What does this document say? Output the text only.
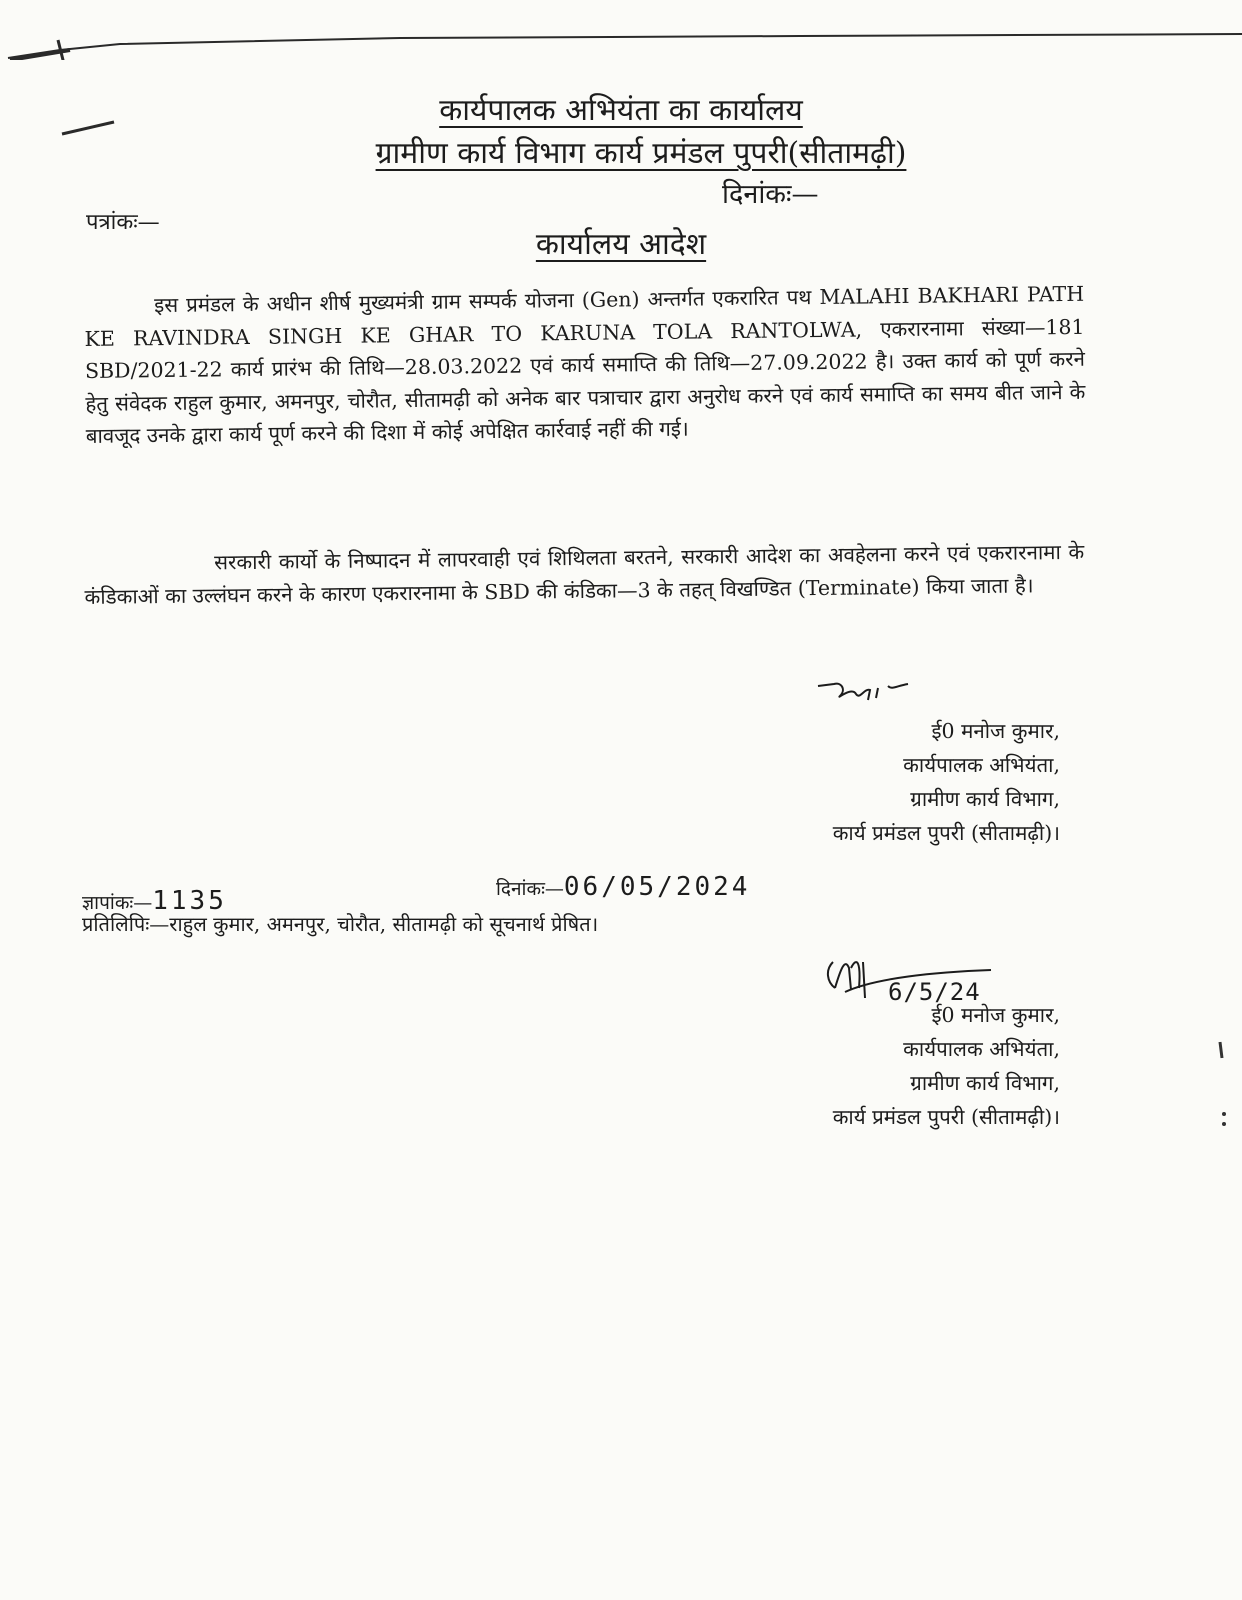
कार्यपालक अभियंता का कार्यालय
ग्रामीण कार्य विभाग कार्य प्रमंडल पुपरी(सीतामढ़ी)
दिनांकः—
पत्रांकः—
कार्यालय आदेश
इस प्रमंडल के अधीन शीर्ष मुख्यमंत्री ग्राम सम्पर्क योजना (Gen) अन्तर्गत एकरारित पथ MALAHI BAKHARI PATH KE RAVINDRA SINGH KE GHAR TO KARUNA TOLA RANTOLWA, एकरारनामा संख्या—181 SBD/2021-22 कार्य प्रारंभ की तिथि—28.03.2022 एवं कार्य समाप्ति की तिथि—27.09.2022 है। उक्त कार्य को पूर्ण करने हेतु संवेदक राहुल कुमार, अमनपुर, चोरौत, सीतामढ़ी को अनेक बार पत्राचार द्वारा अनुरोध करने एवं कार्य समाप्ति का समय बीत जाने के बावजूद उनके द्वारा कार्य पूर्ण करने की दिशा में कोई अपेक्षित कार्रवाई नहीं की गई।
सरकारी कार्यो के निष्पादन में लापरवाही एवं शिथिलता बरतने, सरकारी आदेश का अवहेलना करने एवं एकरारनामा के कंडिकाओं का उल्लंघन करने के कारण एकरारनामा के SBD की कंडिका—3 के तहत् विखण्डित (Terminate) किया जाता है।
ई0 मनोज कुमार,
कार्यपालक अभियंता,
ग्रामीण कार्य विभाग,
कार्य प्रमंडल पुपरी (सीतामढ़ी)।
ज्ञापांकः—1135	दिनांकः—06/05/2024
प्रतिलिपिः—राहुल कुमार, अमनपुर, चोरौत, सीतामढ़ी को सूचनार्थ प्रेषित।
6/5/24
ई0 मनोज कुमार,
कार्यपालक अभियंता,
ग्रामीण कार्य विभाग,
कार्य प्रमंडल पुपरी (सीतामढ़ी)।
